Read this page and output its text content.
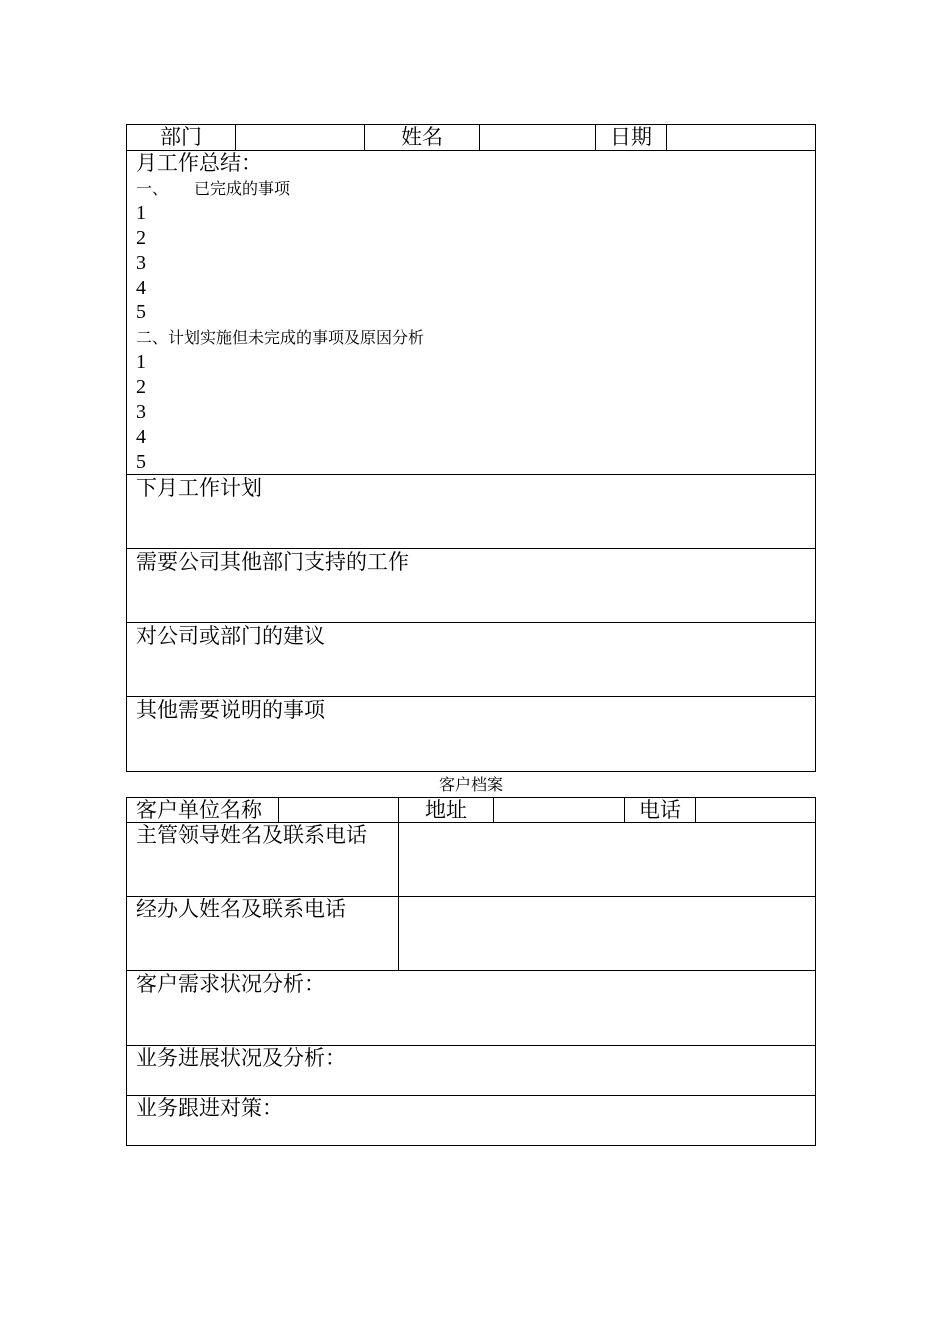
部门	姓名	日期
月工作总结：
一、 已完成的事项
1
2
3
4
5
二、计划实施但未完成的事项及原因分析
1
2
3
4
5
下月工作计划
需要公司其他部门支持的工作
对公司或部门的建议
其他需要说明的事项
客户档案
客户单位名称	地址	电话
主管领导姓名及联系电话
经办人姓名及联系电话
客户需求状况分析：
业务进展状况及分析：
业务跟进对策：
